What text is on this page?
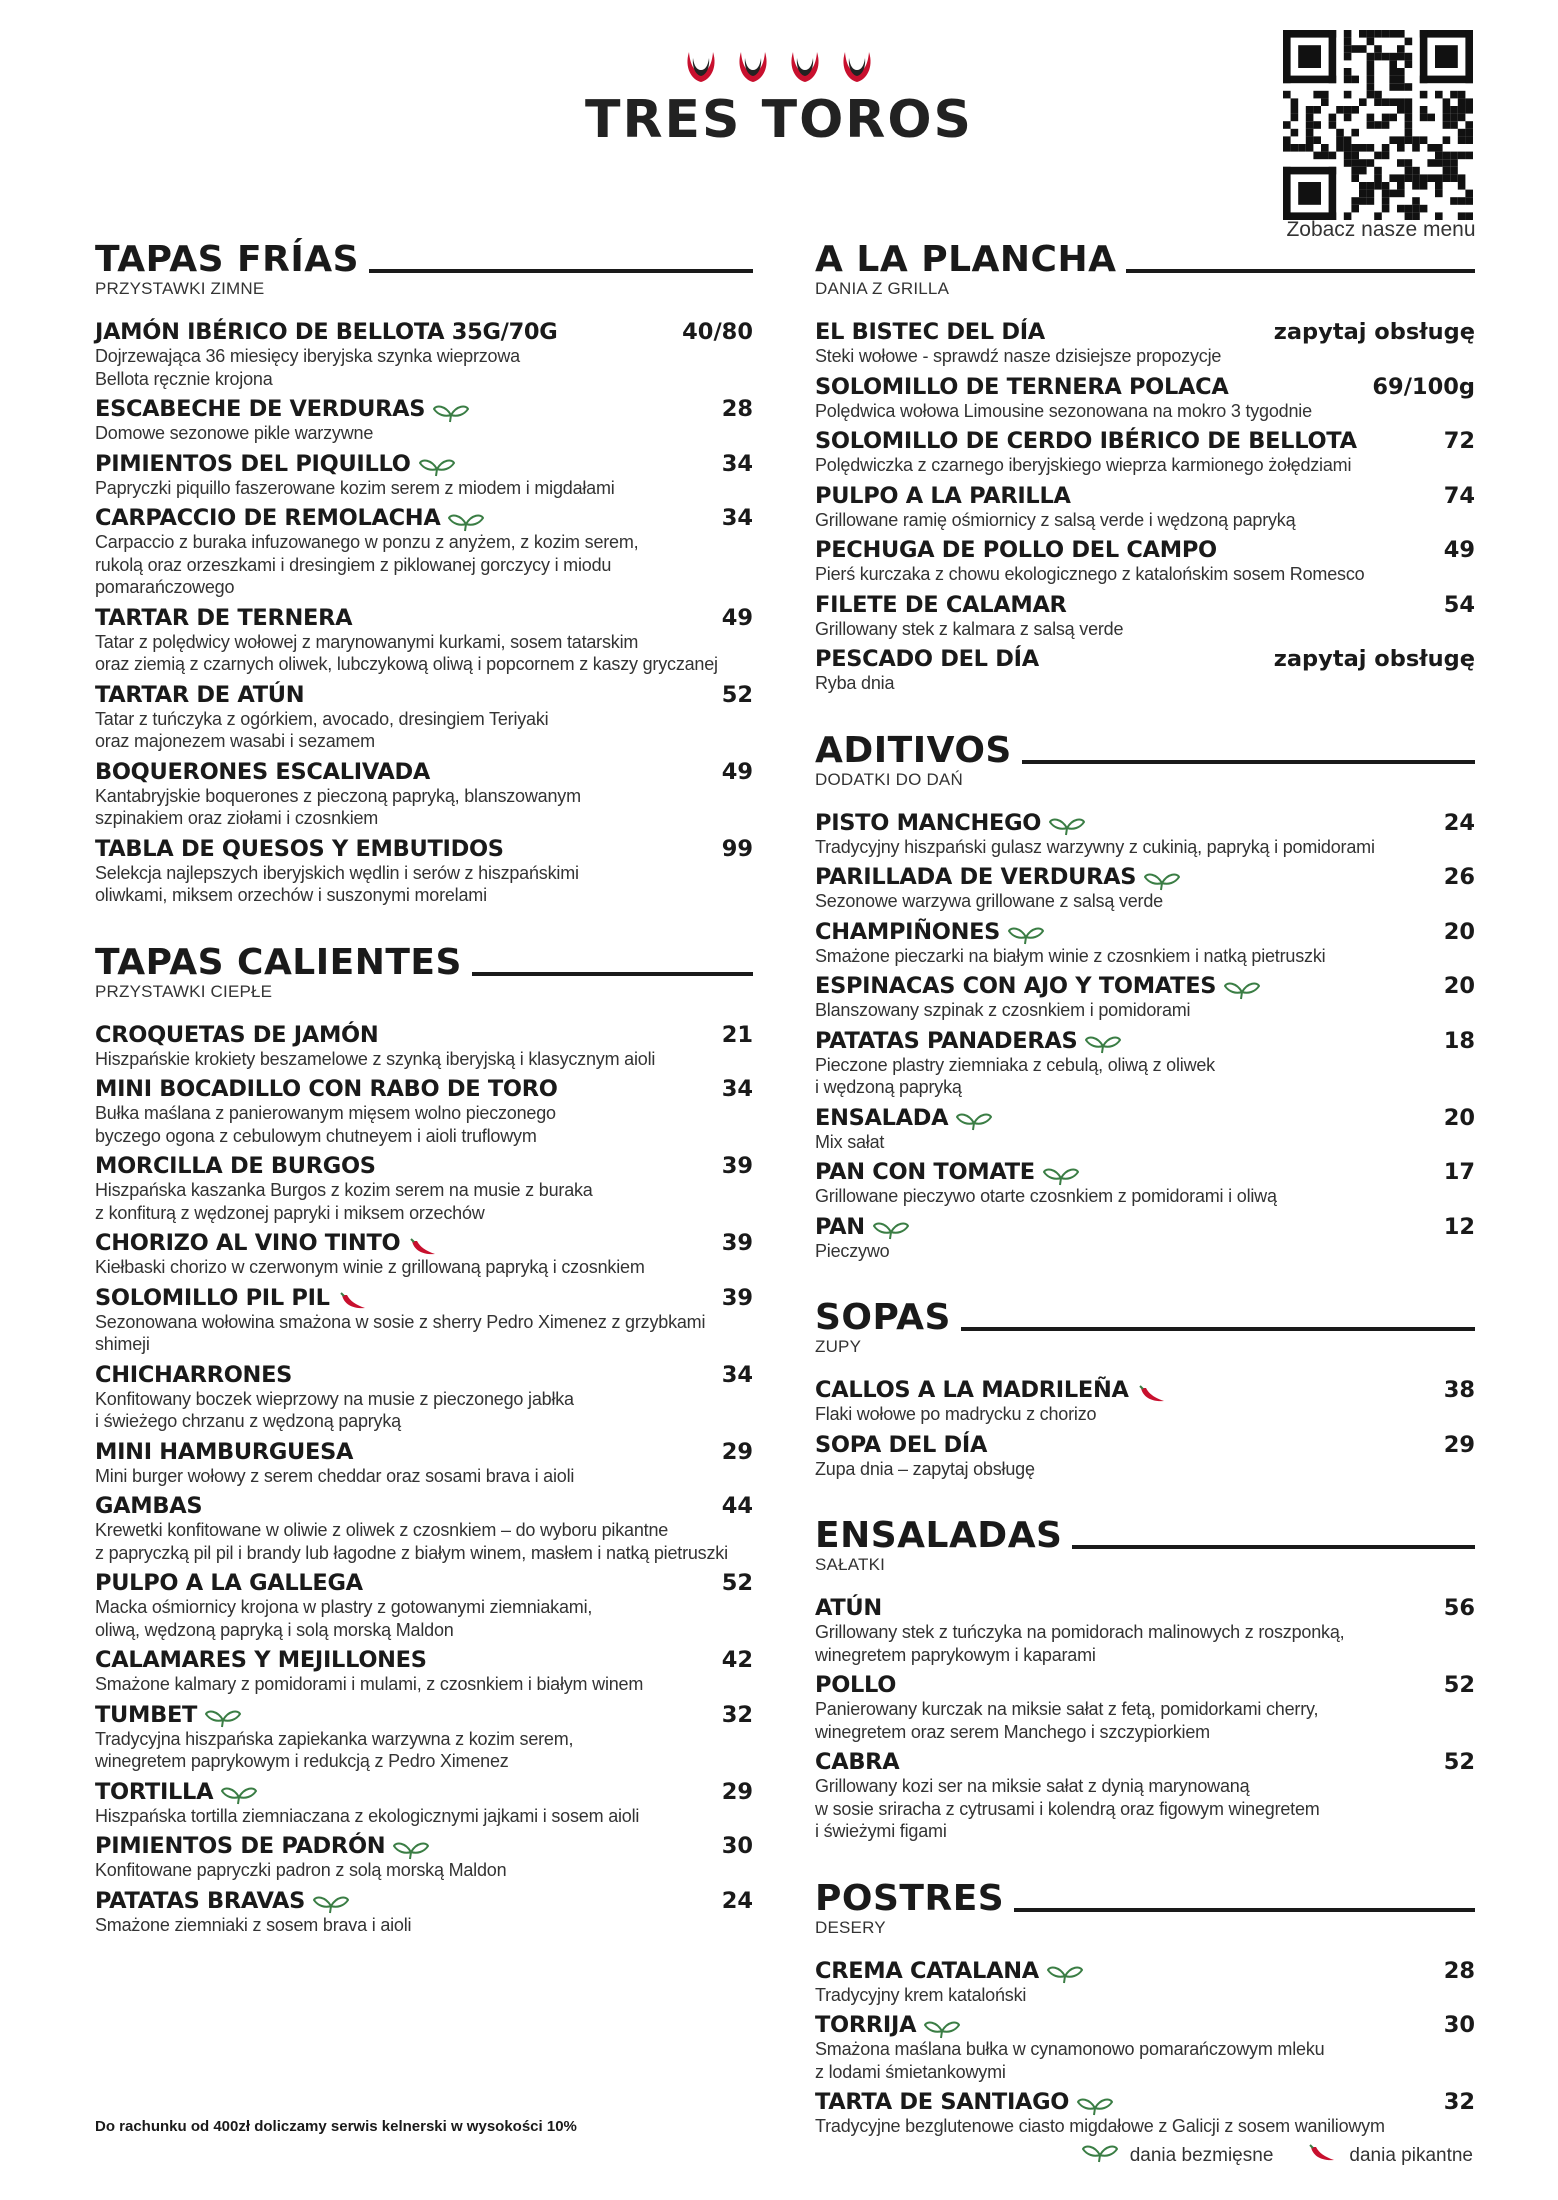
TRES TOROS
Zobacz nasze menu
TAPAS FRÍAS
PRZYSTAWKI ZIMNE
JAMÓN IBÉRICO DE BELLOTA 35G/70G	40/80
Dojrzewająca 36 miesięcy iberyjska szynka wieprzowa
Bellota ręcznie krojona
ESCABECHE DE VERDURAS	28
Domowe sezonowe pikle warzywne
PIMIENTOS DEL PIQUILLO	34
Papryczki piquillo faszerowane kozim serem z miodem i migdałami
CARPACCIO DE REMOLACHA	34
Carpaccio z buraka infuzowanego w ponzu z anyżem, z kozim serem,
rukolą oraz orzeszkami i dresingiem z piklowanej gorczycy i miodu pomarańczowego
TARTAR DE TERNERA	49
Tatar z polędwicy wołowej z marynowanymi kurkami, sosem tatarskim
oraz ziemią z czarnych oliwek, lubczykową oliwą i popcornem z kaszy gryczanej
TARTAR DE ATÚN	52
Tatar z tuńczyka z ogórkiem, avocado, dresingiem Teriyaki
oraz majonezem wasabi i sezamem
BOQUERONES ESCALIVADA	49
Kantabryjskie boquerones z pieczoną papryką, blanszowanym
szpinakiem oraz ziołami i czosnkiem
TABLA DE QUESOS Y EMBUTIDOS	99
Selekcja najlepszych iberyjskich wędlin i serów z hiszpańskimi
oliwkami, miksem orzechów i suszonymi morelami
TAPAS CALIENTES
PRZYSTAWKI CIEPŁE
CROQUETAS DE JAMÓN	21
Hiszpańskie krokiety beszamelowe z szynką iberyjską i klasycznym aioli
MINI BOCADILLO CON RABO DE TORO	34
Bułka maślana z panierowanym mięsem wolno pieczonego
byczego ogona z cebulowym chutneyem i aioli truflowym
MORCILLA DE BURGOS	39
Hiszpańska kaszanka Burgos z kozim serem na musie z buraka
z konfiturą z wędzonej papryki i miksem orzechów
CHORIZO AL VINO TINTO	39
Kiełbaski chorizo w czerwonym winie z grillowaną papryką i czosnkiem
SOLOMILLO PIL PIL	39
Sezonowana wołowina smażona w sosie z sherry Pedro Ximenez z grzybkami shimeji
CHICHARRONES	34
Konfitowany boczek wieprzowy na musie z pieczonego jabłka
i świeżego chrzanu z wędzoną papryką
MINI HAMBURGUESA	29
Mini burger wołowy z serem cheddar oraz sosami brava i aioli
GAMBAS	44
Krewetki konfitowane w oliwie z oliwek z czosnkiem – do wyboru pikantne
z papryczką pil pil i brandy lub łagodne z białym winem, masłem i natką pietruszki
PULPO A LA GALLEGA	52
Macka ośmiornicy krojona w plastry z gotowanymi ziemniakami,
oliwą, wędzoną papryką i solą morską Maldon
CALAMARES Y MEJILLONES	42
Smażone kalmary z pomidorami i mulami, z czosnkiem i białym winem
TUMBET	32
Tradycyjna hiszpańska zapiekanka warzywna z kozim serem,
winegretem paprykowym i redukcją z Pedro Ximenez
TORTILLA	29
Hiszpańska tortilla ziemniaczana z ekologicznymi jajkami i sosem aioli
PIMIENTOS DE PADRÓN	30
Konfitowane papryczki padron z solą morską Maldon
PATATAS BRAVAS	24
Smażone ziemniaki z sosem brava i aioli
A LA PLANCHA
DANIA Z GRILLA
EL BISTEC DEL DÍA	zapytaj obsługę
Steki wołowe - sprawdź nasze dzisiejsze propozycje
SOLOMILLO DE TERNERA POLACA	69/100g
Polędwica wołowa Limousine sezonowana na mokro 3 tygodnie
SOLOMILLO DE CERDO IBÉRICO DE BELLOTA	72
Polędwiczka z czarnego iberyjskiego wieprza karmionego żołędziami
PULPO A LA PARILLA	74
Grillowane ramię ośmiornicy z salsą verde i wędzoną papryką
PECHUGA DE POLLO DEL CAMPO	49
Pierś kurczaka z chowu ekologicznego z katalońskim sosem Romesco
FILETE DE CALAMAR	54
Grillowany stek z kalmara z salsą verde
PESCADO DEL DÍA	zapytaj obsługę
Ryba dnia
ADITIVOS
DODATKI DO DAŃ
PISTO MANCHEGO	24
Tradycyjny hiszpański gulasz warzywny z cukinią, papryką i pomidorami
PARILLADA DE VERDURAS	26
Sezonowe warzywa grillowane z salsą verde
CHAMPIÑONES	20
Smażone pieczarki na białym winie z czosnkiem i natką pietruszki
ESPINACAS CON AJO Y TOMATES	20
Blanszowany szpinak z czosnkiem i pomidorami
PATATAS PANADERAS	18
Pieczone plastry ziemniaka z cebulą, oliwą z oliwek
i wędzoną papryką
ENSALADA	20
Mix sałat
PAN CON TOMATE	17
Grillowane pieczywo otarte czosnkiem z pomidorami i oliwą
PAN	12
Pieczywo
SOPAS
ZUPY
CALLOS A LA MADRILEÑA	38
Flaki wołowe po madrycku z chorizo
SOPA DEL DÍA	29
Zupa dnia – zapytaj obsługę
ENSALADAS
SAŁATKI
ATÚN	56
Grillowany stek z tuńczyka na pomidorach malinowych z roszponką,
winegretem paprykowym i kaparami
POLLO	52
Panierowany kurczak na miksie sałat z fetą, pomidorkami cherry,
winegretem oraz serem Manchego i szczypiorkiem
CABRA	52
Grillowany kozi ser na miksie sałat z dynią marynowaną
w sosie sriracha z cytrusami i kolendrą oraz figowym winegretem
i świeżymi figami
POSTRES
DESERY
CREMA CATALANA	28
Tradycyjny krem kataloński
TORRIJA	30
Smażona maślana bułka w cynamonowo pomarańczowym mleku
z lodami śmietankowymi
TARTA DE SANTIAGO	32
Tradycyjne bezglutenowe ciasto migdałowe z Galicji z sosem waniliowym
Do rachunku od 400zł doliczamy serwis kelnerski w wysokości 10%
dania bezmięsne	dania pikantne
